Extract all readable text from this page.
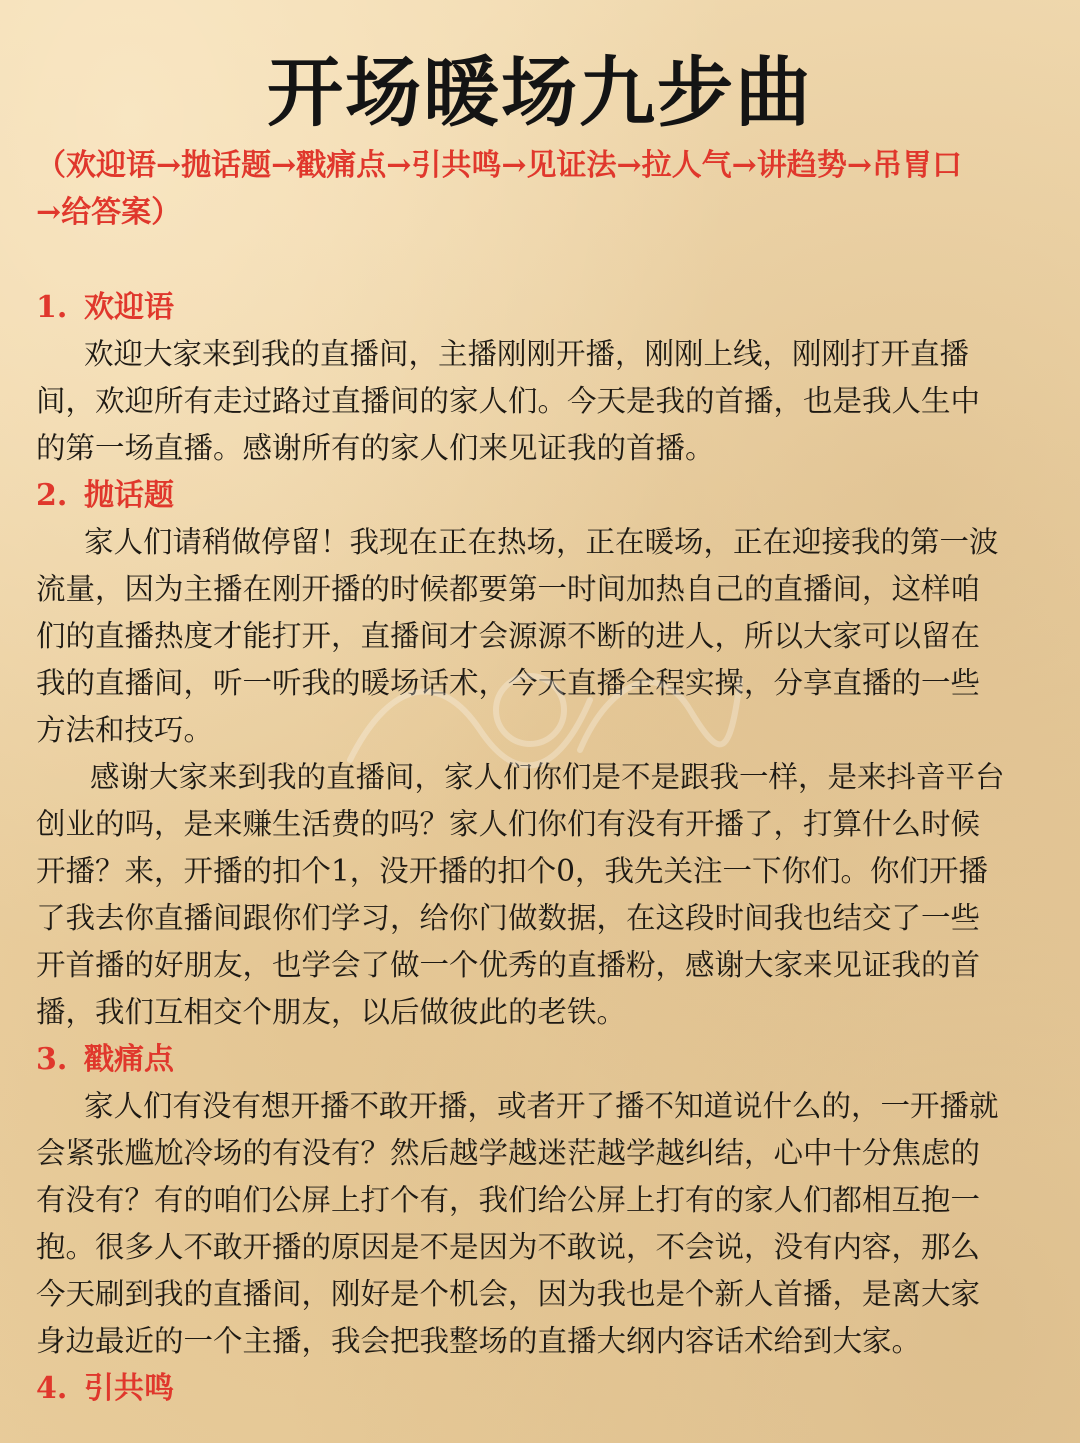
开场暖场九步曲
（欢迎语→抛话题→戳痛点→引共鸣→见证法→拉人气→讲趋势→吊胃口
→给答案）
1. 欢迎语
欢迎大家来到我的直播间，主播刚刚开播，刚刚上线，刚刚打开直播
间，欢迎所有走过路过直播间的家人们。今天是我的首播，也是我人生中
的第一场直播。感谢所有的家人们来见证我的首播。
2. 抛话题
家人们请稍做停留！我现在正在热场，正在暖场，正在迎接我的第一波
流量，因为主播在刚开播的时候都要第一时间加热自己的直播间，这样咱
们的直播热度才能打开，直播间才会源源不断的进人，所以大家可以留在
我的直播间，听一听我的暖场话术，今天直播全程实操，分享直播的一些
方法和技巧。
感谢大家来到我的直播间，家人们你们是不是跟我一样，是来抖音平台
创业的吗，是来赚生活费的吗？家人们你们有没有开播了，打算什么时候
开播？来，开播的扣个1，没开播的扣个0，我先关注一下你们。你们开播
了我去你直播间跟你们学习，给你门做数据，在这段时间我也结交了一些
开首播的好朋友，也学会了做一个优秀的直播粉，感谢大家来见证我的首
播，我们互相交个朋友，以后做彼此的老铁。
3. 戳痛点
家人们有没有想开播不敢开播，或者开了播不知道说什么的，一开播就
会紧张尴尬冷场的有没有？然后越学越迷茫越学越纠结，心中十分焦虑的
有没有？有的咱们公屏上打个有，我们给公屏上打有的家人们都相互抱一
抱。很多人不敢开播的原因是不是因为不敢说，不会说，没有内容，那么
今天刷到我的直播间，刚好是个机会，因为我也是个新人首播，是离大家
身边最近的一个主播，我会把我整场的直播大纲内容话术给到大家。
4. 引共鸣
